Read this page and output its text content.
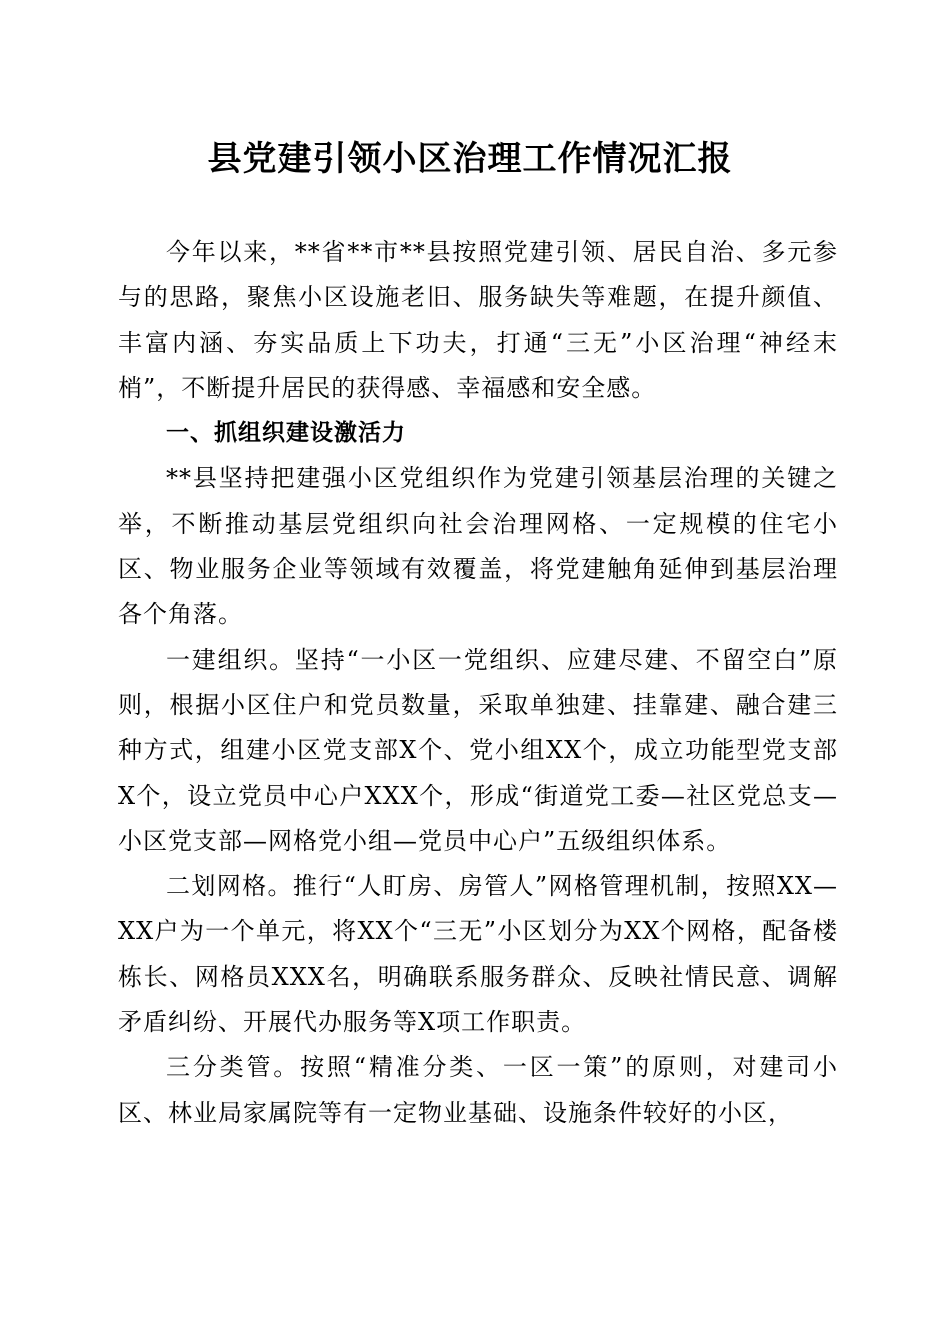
县党建引领小区治理工作情况汇报

今年以来，**省**市**县按照党建引领、居民自治、多元参与的思路，聚焦小区设施老旧、服务缺失等难题，在提升颜值、丰富内涵、夯实品质上下功夫，打通“三无”小区治理“神经末梢”，不断提升居民的获得感、幸福感和安全感。

一、抓组织建设激活力

**县坚持把建强小区党组织作为党建引领基层治理的关键之举，不断推动基层党组织向社会治理网格、一定规模的住宅小区、物业服务企业等领域有效覆盖，将党建触角延伸到基层治理各个角落。

一建组织。坚持“一小区一党组织、应建尽建、不留空白”原则，根据小区住户和党员数量，采取单独建、挂靠建、融合建三种方式，组建小区党支部X个、党小组XX个，成立功能型党支部X个，设立党员中心户XXX个，形成“街道党工委—社区党总支—小区党支部—网格党小组—党员中心户”五级组织体系。

二划网格。推行“人盯房、房管人”网格管理机制，按照XX—XX户为一个单元，将XX个“三无”小区划分为XX个网格，配备楼栋长、网格员XXX名，明确联系服务群众、反映社情民意、调解矛盾纠纷、开展代办服务等X项工作职责。

三分类管。按照“精准分类、一区一策”的原则，对建司小区、林业局家属院等有一定物业基础、设施条件较好的小区，
